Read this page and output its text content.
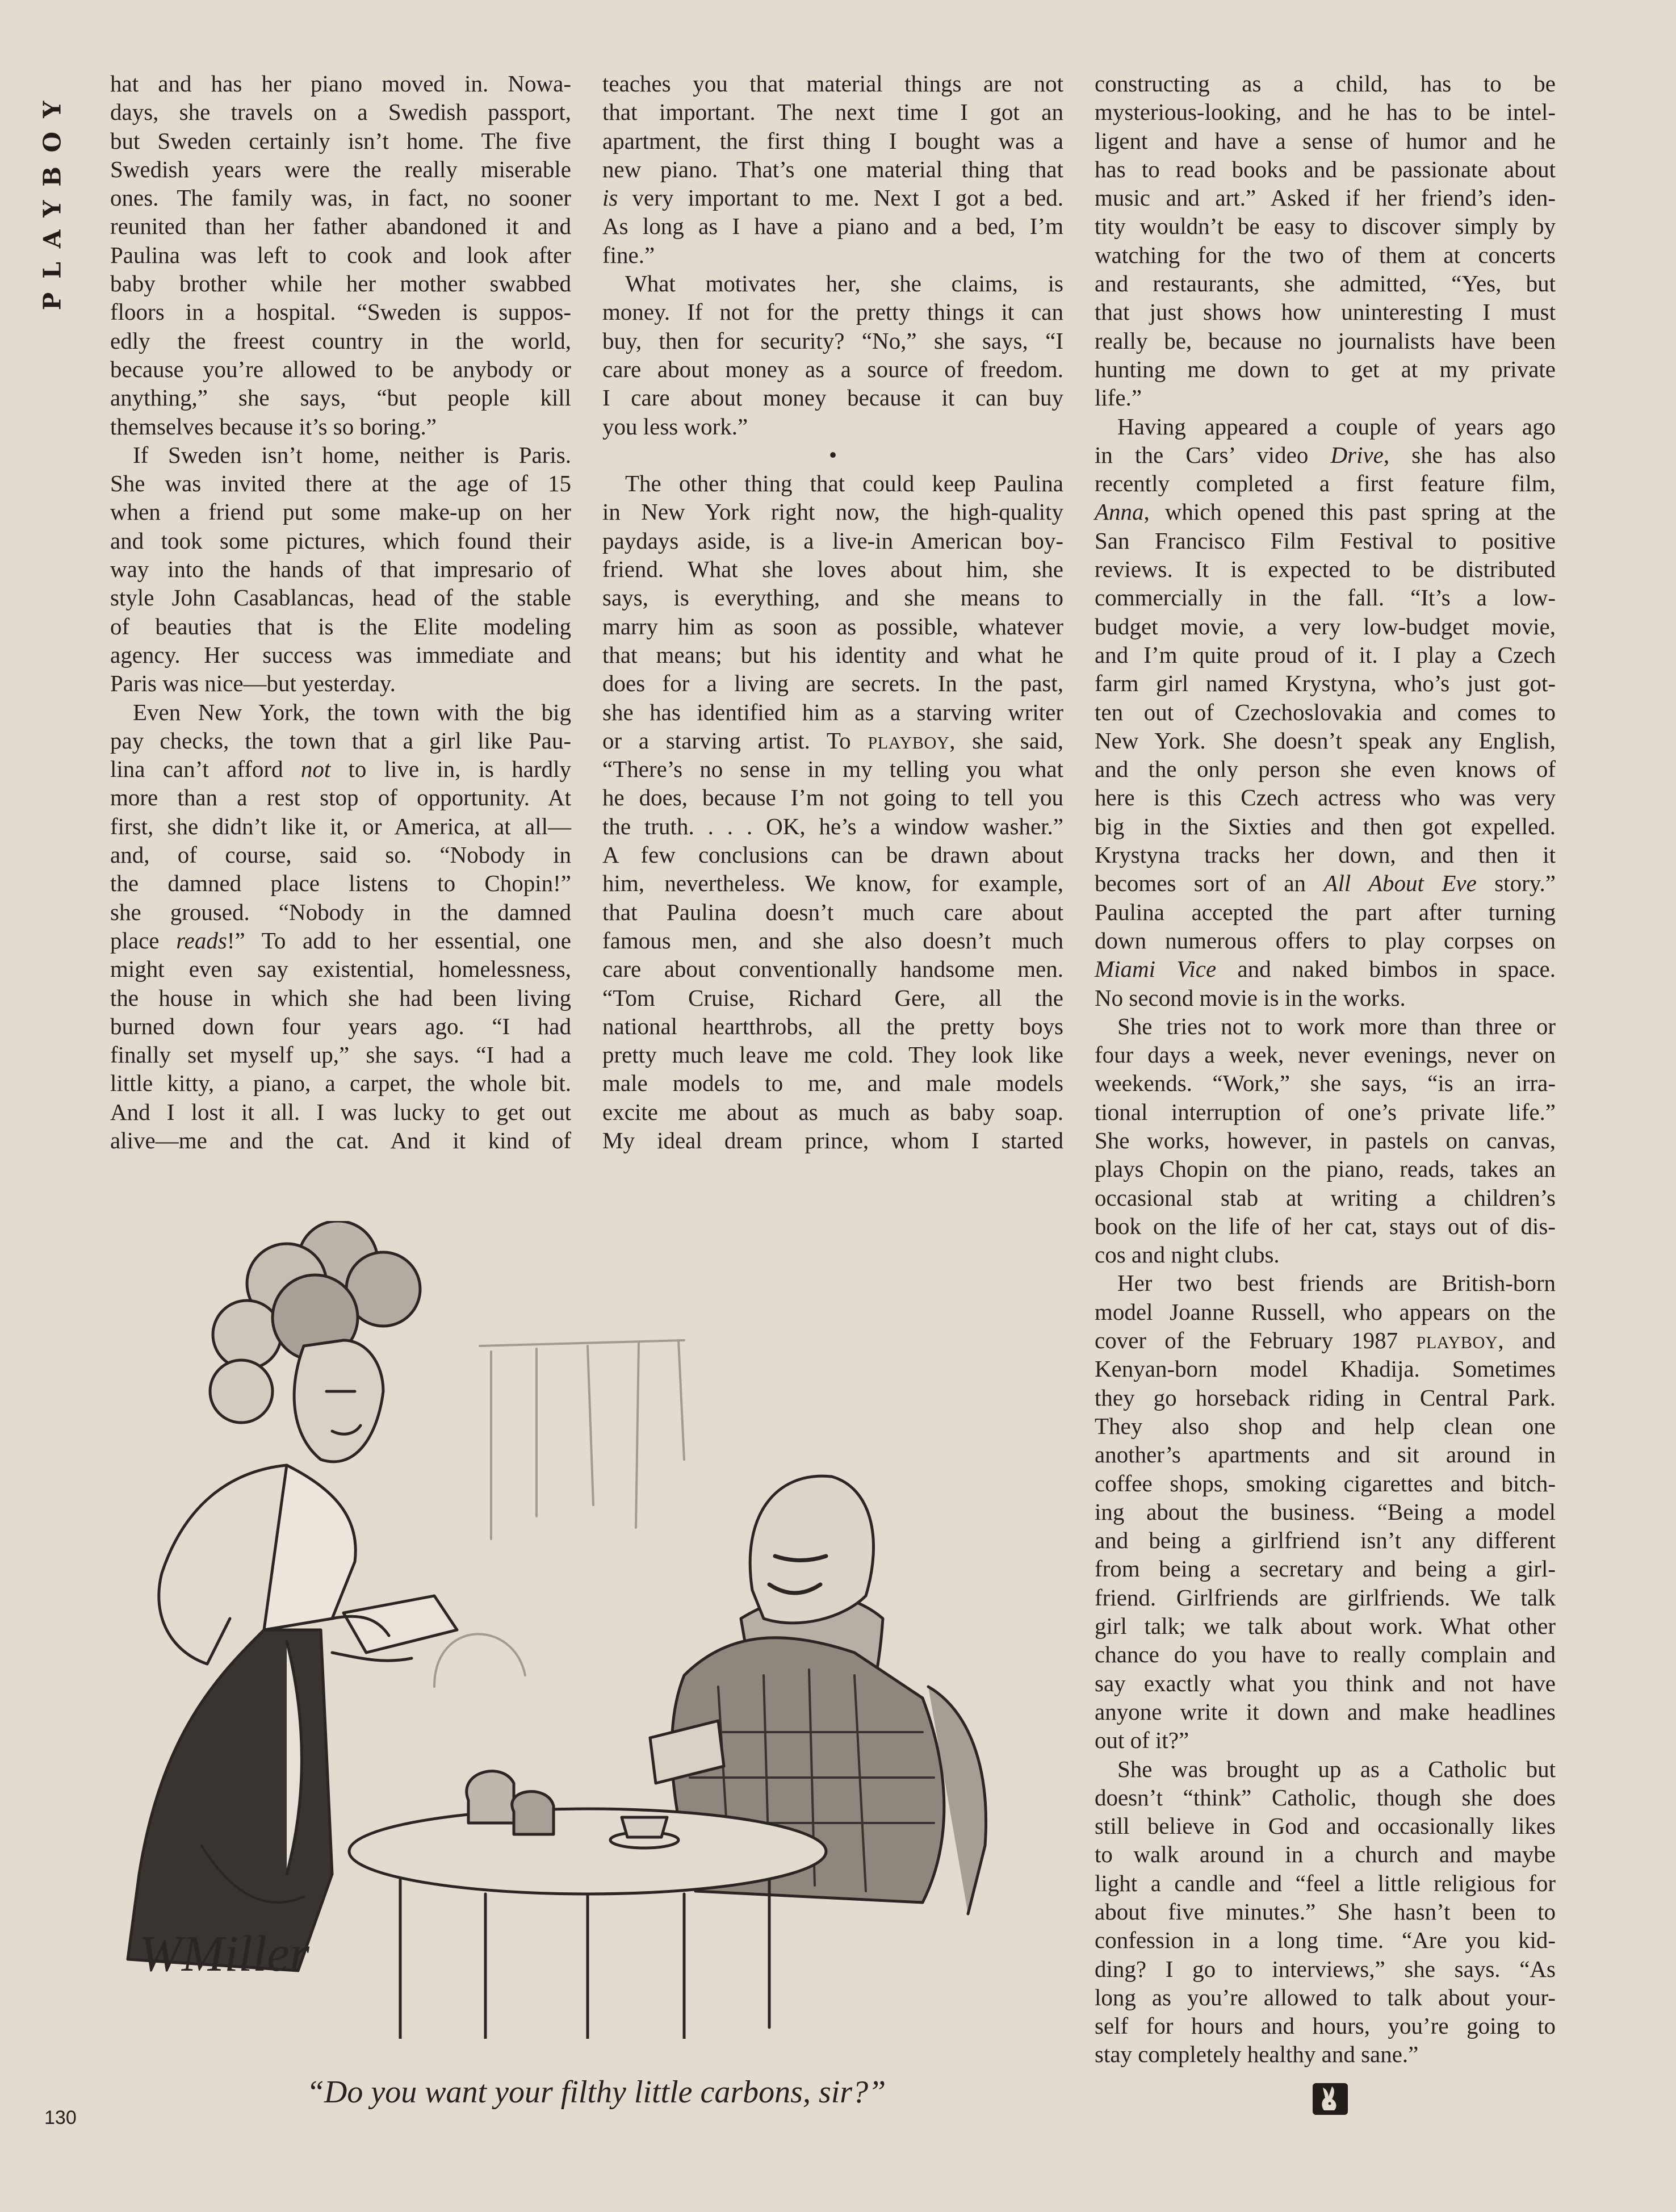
PLAYBOY
hat and has her piano moved in. Nowa-
days, she travels on a Swedish passport,
but Sweden certainly isn’t home. The five
Swedish years were the really miserable
ones. The family was, in fact, no sooner
reunited than her father abandoned it and
Paulina was left to cook and look after
baby brother while her mother swabbed
floors in a hospital. “Sweden is suppos-
edly the freest country in the world,
because you’re allowed to be anybody or
anything,” she says, “but people kill
themselves because it’s so boring.”
If Sweden isn’t home, neither is Paris.
She was invited there at the age of 15
when a friend put some make-up on her
and took some pictures, which found their
way into the hands of that impresario of
style John Casablancas, head of the stable
of beauties that is the Elite modeling
agency. Her success was immediate and
Paris was nice—but yesterday.
Even New York, the town with the big
pay checks, the town that a girl like Pau-
lina can’t afford not to live in, is hardly
more than a rest stop of opportunity. At
first, she didn’t like it, or America, at all—
and, of course, said so. “Nobody in
the damned place listens to Chopin!”
she groused. “Nobody in the damned
place reads!” To add to her essential, one
might even say existential, homelessness,
the house in which she had been living
burned down four years ago. “I had
finally set myself up,” she says. “I had a
little kitty, a piano, a carpet, the whole bit.
And I lost it all. I was lucky to get out
alive—me and the cat. And it kind of
teaches you that material things are not
that important. The next time I got an
apartment, the first thing I bought was a
new piano. That’s one material thing that
is very important to me. Next I got a bed.
As long as I have a piano and a bed, I’m
fine.”
What motivates her, she claims, is
money. If not for the pretty things it can
buy, then for security? “No,” she says, “I
care about money as a source of freedom.
I care about money because it can buy
you less work.”
•
The other thing that could keep Paulina
in New York right now, the high-quality
paydays aside, is a live-in American boy-
friend. What she loves about him, she
says, is everything, and she means to
marry him as soon as possible, whatever
that means; but his identity and what he
does for a living are secrets. In the past,
she has identified him as a starving writer
or a starving artist. To PLAYBOY, she said,
“There’s no sense in my telling you what
he does, because I’m not going to tell you
the truth. . . . OK, he’s a window washer.”
A few conclusions can be drawn about
him, nevertheless. We know, for example,
that Paulina doesn’t much care about
famous men, and she also doesn’t much
care about conventionally handsome men.
“Tom Cruise, Richard Gere, all the
national heartthrobs, all the pretty boys
pretty much leave me cold. They look like
male models to me, and male models
excite me about as much as baby soap.
My ideal dream prince, whom I started
constructing as a child, has to be
mysterious-looking, and he has to be intel-
ligent and have a sense of humor and he
has to read books and be passionate about
music and art.” Asked if her friend’s iden-
tity wouldn’t be easy to discover simply by
watching for the two of them at concerts
and restaurants, she admitted, “Yes, but
that just shows how uninteresting I must
really be, because no journalists have been
hunting me down to get at my private
life.”
Having appeared a couple of years ago
in the Cars’ video Drive, she has also
recently completed a first feature film,
Anna, which opened this past spring at the
San Francisco Film Festival to positive
reviews. It is expected to be distributed
commercially in the fall. “It’s a low-
budget movie, a very low-budget movie,
and I’m quite proud of it. I play a Czech
farm girl named Krystyna, who’s just got-
ten out of Czechoslovakia and comes to
New York. She doesn’t speak any English,
and the only person she even knows of
here is this Czech actress who was very
big in the Sixties and then got expelled.
Krystyna tracks her down, and then it
becomes sort of an All About Eve story.”
Paulina accepted the part after turning
down numerous offers to play corpses on
Miami Vice and naked bimbos in space.
No second movie is in the works.
She tries not to work more than three or
four days a week, never evenings, never on
weekends. “Work,” she says, “is an irra-
tional interruption of one’s private life.”
She works, however, in pastels on canvas,
plays Chopin on the piano, reads, takes an
occasional stab at writing a children’s
book on the life of her cat, stays out of dis-
cos and night clubs.
Her two best friends are British-born
model Joanne Russell, who appears on the
cover of the February 1987 PLAYBOY, and
Kenyan-born model Khadija. Sometimes
they go horseback riding in Central Park.
They also shop and help clean one
another’s apartments and sit around in
coffee shops, smoking cigarettes and bitch-
ing about the business. “Being a model
and being a girlfriend isn’t any different
from being a secretary and being a girl-
friend. Girlfriends are girlfriends. We talk
girl talk; we talk about work. What other
chance do you have to really complain and
say exactly what you think and not have
anyone write it down and make headlines
out of it?”
She was brought up as a Catholic but
doesn’t “think” Catholic, though she does
still believe in God and occasionally likes
to walk around in a church and maybe
light a candle and “feel a little religious for
about five minutes.” She hasn’t been to
confession in a long time. “Are you kid-
ding? I go to interviews,” she says. “As
long as you’re allowed to talk about your-
self for hours and hours, you’re going to
stay completely healthy and sane.”
WMiller
“Do you want your filthy little carbons, sir?”
130
